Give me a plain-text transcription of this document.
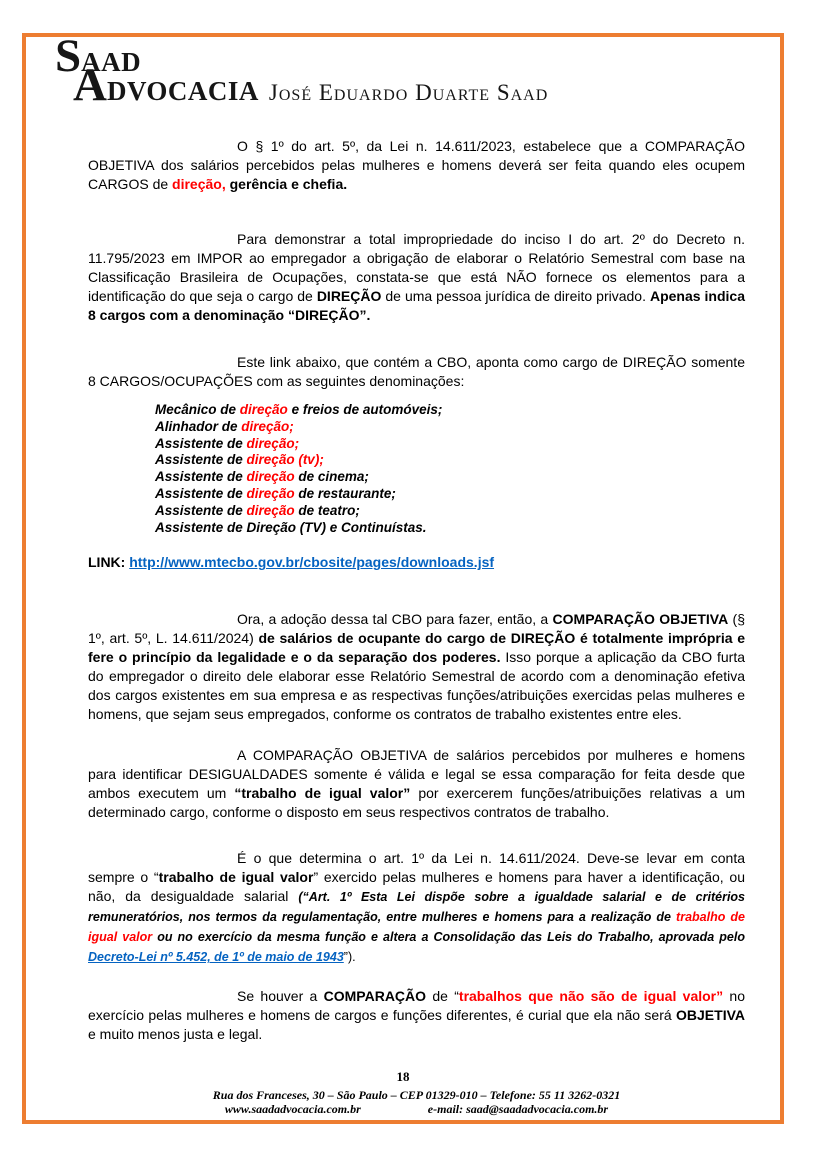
S AAD
A DVOCACIA José Eduardo Duarte Saad

O § 1º do art. 5º, da Lei n. 14.611/2023, estabelece que a COMPARAÇÃO OBJETIVA dos salários percebidos pelas mulheres e homens deverá ser feita quando eles ocupem CARGOS de direção, gerência e chefia.

Para demonstrar a total impropriedade do inciso I do art. 2º do Decreto n. 11.795/2023 em IMPOR ao empregador a obrigação de elaborar o Relatório Semestral com base na Classificação Brasileira de Ocupações, constata-se que está NÃO fornece os elementos para a identificação do que seja o cargo de DIREÇÃO de uma pessoa jurídica de direito privado. Apenas indica 8 cargos com a denominação “DIREÇÃO”.

Este link abaixo, que contém a CBO, aponta como cargo de DIREÇÃO somente 8 CARGOS/OCUPAÇÕES com as seguintes denominações:

Mecânico de direção e freios de automóveis;
Alinhador de direção;
Assistente de direção;
Assistente de direção (tv);
Assistente de direção de cinema;
Assistente de direção de restaurante;
Assistente de direção de teatro;
Assistente de Direção (TV) e Continuístas.

LINK: http://www.mtecbo.gov.br/cbosite/pages/downloads.jsf

Ora, a adoção dessa tal CBO para fazer, então, a COMPARAÇÃO OBJETIVA (§ 1º, art. 5º, L. 14.611/2024) de salários de ocupante do cargo de DIREÇÃO é totalmente imprópria e fere o princípio da legalidade e o da separação dos poderes. Isso porque a aplicação da CBO furta do empregador o direito dele elaborar esse Relatório Semestral de acordo com a denominação efetiva dos cargos existentes em sua empresa e as respectivas funções/atribuições exercidas pelas mulheres e homens, que sejam seus empregados, conforme os contratos de trabalho existentes entre eles.

A COMPARAÇÃO OBJETIVA de salários percebidos por mulheres e homens para identificar DESIGUALDADES somente é válida e legal se essa comparação for feita desde que ambos executem um “trabalho de igual valor” por exercerem funções/atribuições relativas a um determinado cargo, conforme o disposto em seus respectivos contratos de trabalho.

É o que determina o art. 1º da Lei n. 14.611/2024. Deve-se levar em conta sempre o “trabalho de igual valor” exercido pelas mulheres e homens para haver a identificação, ou não, da desigualdade salarial (“Art. 1º Esta Lei dispõe sobre a igualdade salarial e de critérios remuneratórios, nos termos da regulamentação, entre mulheres e homens para a realização de trabalho de igual valor ou no exercício da mesma função e altera a Consolidação das Leis do Trabalho, aprovada pelo Decreto-Lei nº 5.452, de 1º de maio de 1943”).

Se houver a COMPARAÇÃO de “trabalhos que não são de igual valor” no exercício pelas mulheres e homens de cargos e funções diferentes, é curial que ela não será OBJETIVA e muito menos justa e legal.

18
Rua dos Franceses, 30 – São Paulo – CEP 01329-010 – Telefone: 55 11 3262-0321
www.saadadvocacia.com.br	e-mail: saad@saadadvocacia.com.br
